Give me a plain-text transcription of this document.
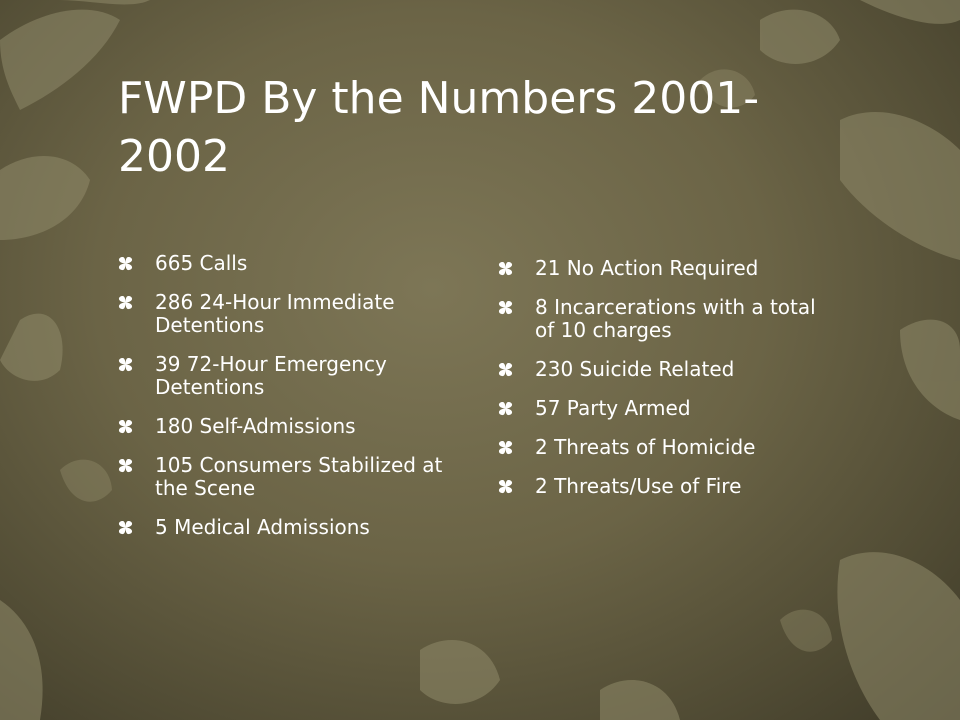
FWPD By the Numbers 2001-
2002
665 Calls
286 24-Hour Immediate Detentions
39 72-Hour Emergency Detentions
180 Self-Admissions
105 Consumers Stabilized at the Scene
5 Medical Admissions
21 No Action Required
8 Incarcerations with a total of 10 charges
230 Suicide Related
57 Party Armed
2 Threats of Homicide
2 Threats/Use of Fire
